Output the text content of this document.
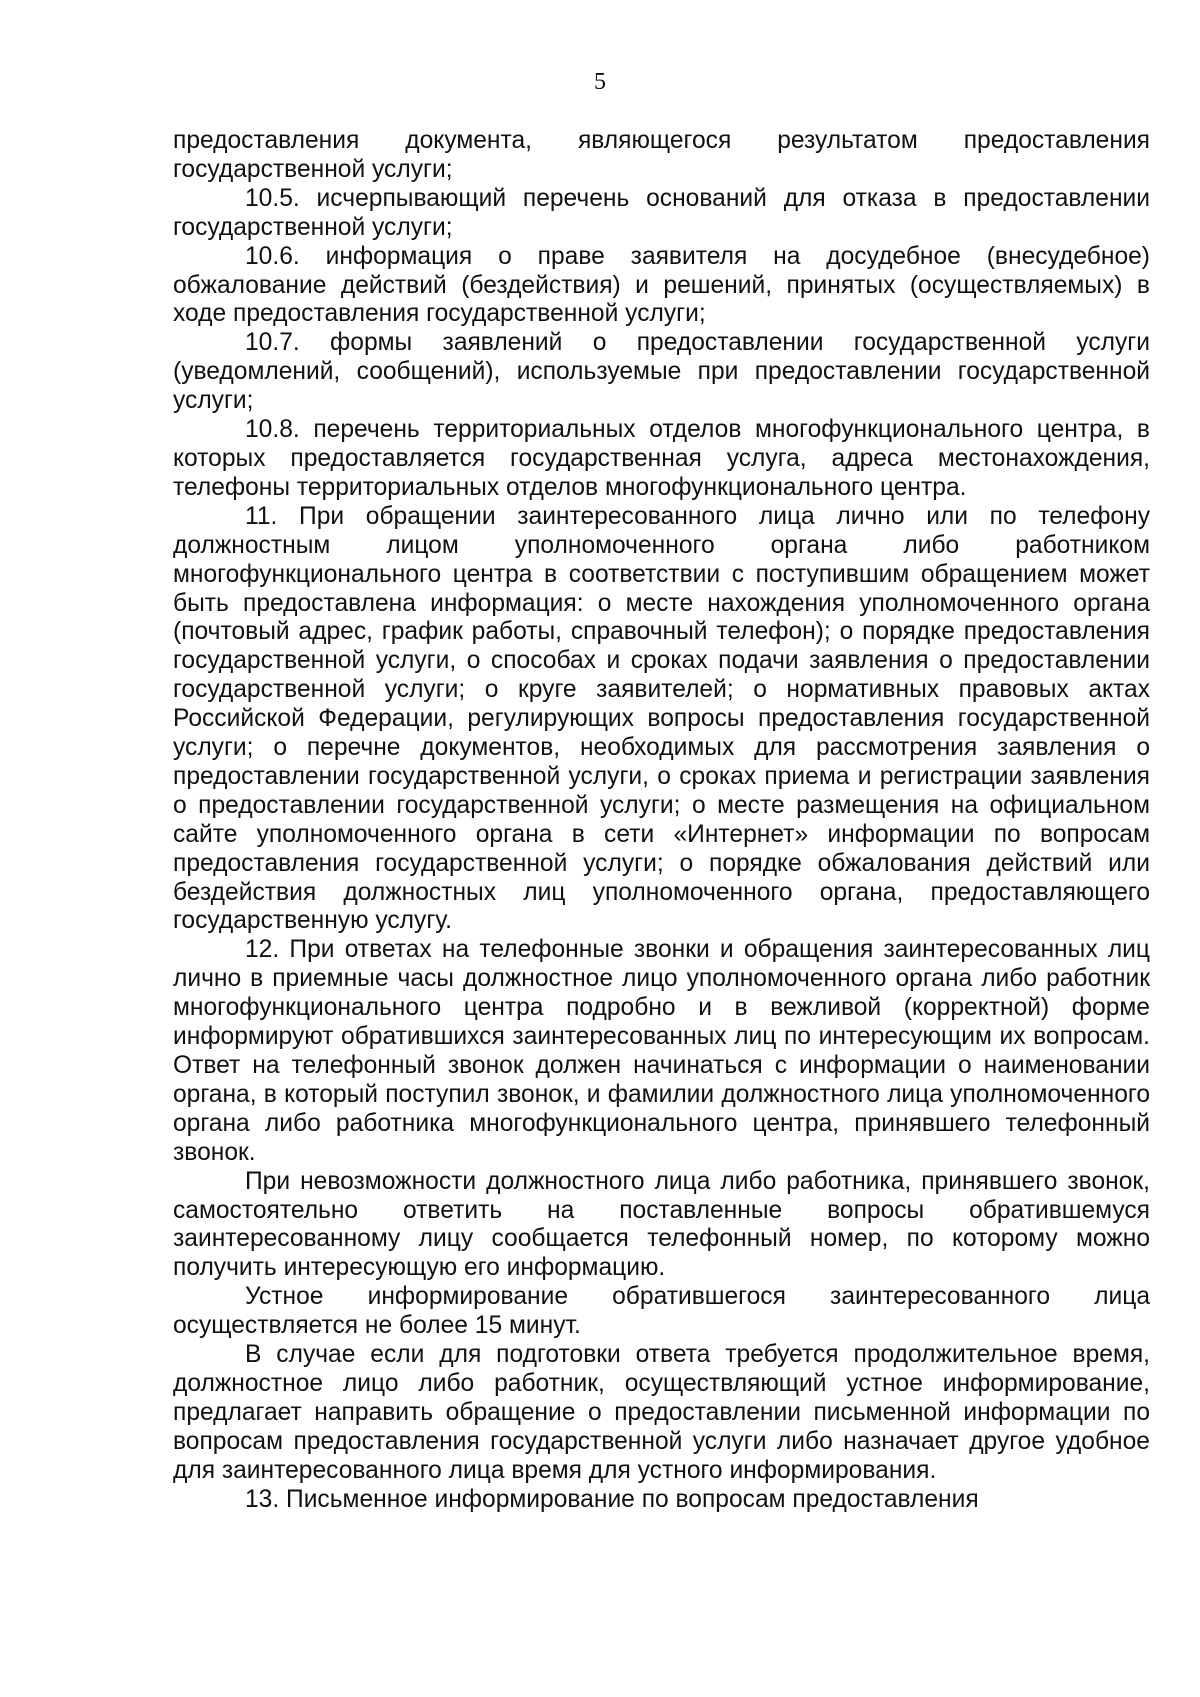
5

предоставления документа, являющегося результатом предоставления государственной услуги;

10.5. исчерпывающий перечень оснований для отказа в предоставлении государственной услуги;

10.6. информация о праве заявителя на досудебное (внесудебное) обжалование действий (бездействия) и решений, принятых (осуществляемых) в ходе предоставления государственной услуги;

10.7. формы заявлений о предоставлении государственной услуги (уведомлений, сообщений), используемые при предоставлении государственной услуги;

10.8. перечень территориальных отделов многофункционального центра, в которых предоставляется государственная услуга, адреса местонахождения, телефоны территориальных отделов многофункционального центра.

11. При обращении заинтересованного лица лично или по телефону должностным лицом уполномоченного органа либо работником многофункционального центра в соответствии с поступившим обращением может быть предоставлена информация: о месте нахождения уполномоченного органа (почтовый адрес, график работы, справочный телефон); о порядке предоставления государственной услуги, о способах и сроках подачи заявления о предоставлении государственной услуги; о круге заявителей; о нормативных правовых актах Российской Федерации, регулирующих вопросы предоставления государственной услуги; о перечне документов, необходимых для рассмотрения заявления о предоставлении государственной услуги, о сроках приема и регистрации заявления о предоставлении государственной услуги; о месте размещения на официальном сайте уполномоченного органа в сети «Интернет» информации по вопросам предоставления государственной услуги; о порядке обжалования действий или бездействия должностных лиц уполномоченного органа, предоставляющего государственную услугу.

12. При ответах на телефонные звонки и обращения заинтересованных лиц лично в приемные часы должностное лицо уполномоченного органа либо работник многофункционального центра подробно и в вежливой (корректной) форме информируют обратившихся заинтересованных лиц по интересующим их вопросам. Ответ на телефонный звонок должен начинаться с информации о наименовании органа, в который поступил звонок, и фамилии должностного лица уполномоченного органа либо работника многофункционального центра, принявшего телефонный звонок.

При невозможности должностного лица либо работника, принявшего звонок, самостоятельно ответить на поставленные вопросы обратившемуся заинтересованному лицу сообщается телефонный номер, по которому можно получить интересующую его информацию.

Устное информирование обратившегося заинтересованного лица осуществляется не более 15 минут.

В случае если для подготовки ответа требуется продолжительное время, должностное лицо либо работник, осуществляющий устное информирование, предлагает направить обращение о предоставлении письменной информации по вопросам предоставления государственной услуги либо назначает другое удобное для заинтересованного лица время для устного информирования.

13. Письменное информирование по вопросам предоставления
